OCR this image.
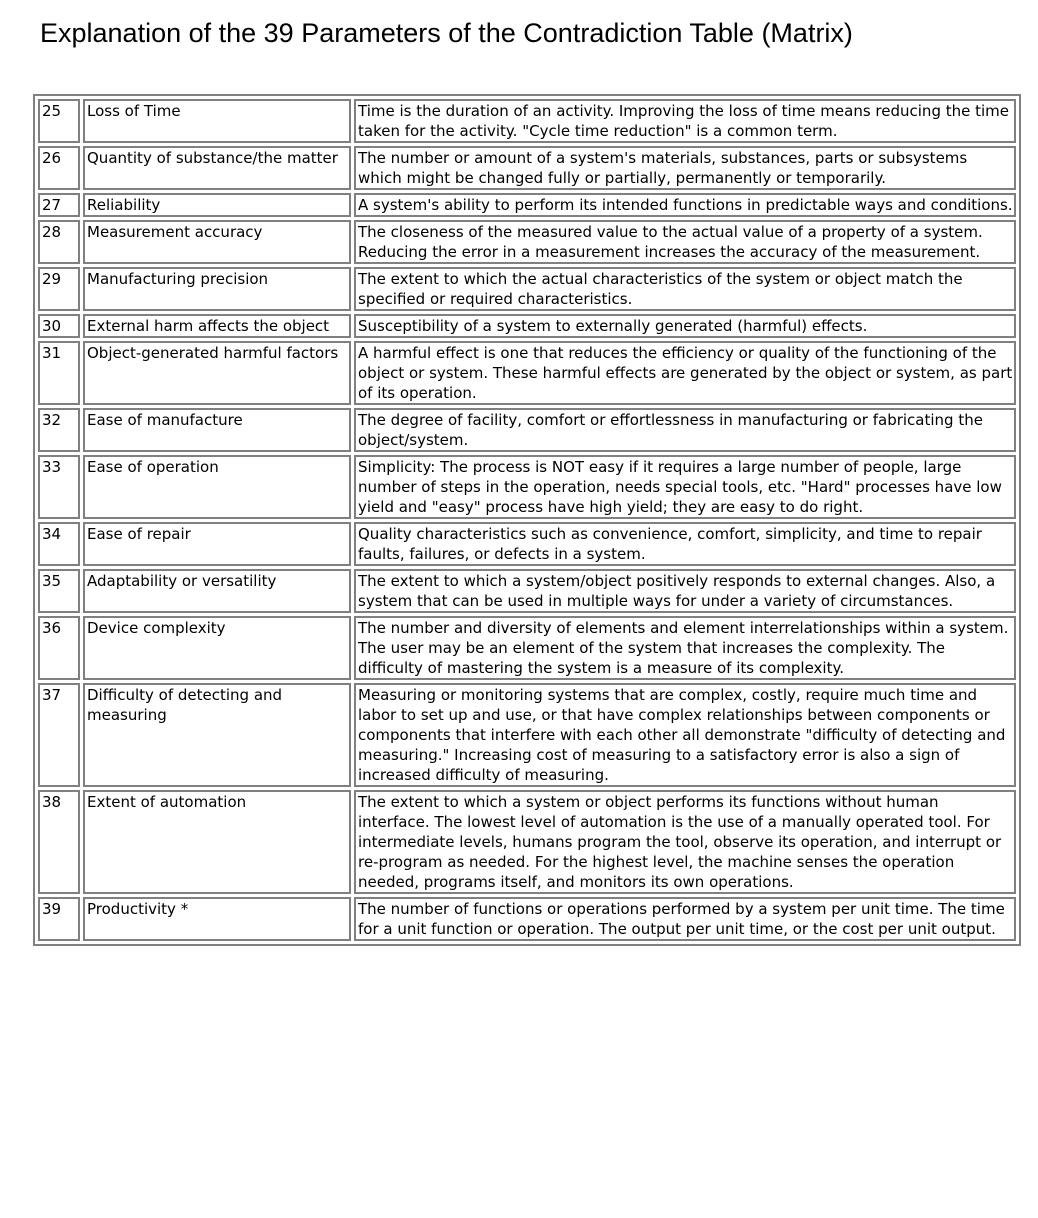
Explanation of the 39 Parameters of the Contradiction Table (Matrix)
25	Loss of Time	Time is the duration of an activity. Improving the loss of time means reducing the time taken for the activity. "Cycle time reduction" is a common term.
26	Quantity of substance/the matter	The number or amount of a system's materials, substances, parts or subsystems which might be changed fully or partially, permanently or temporarily.
27	Reliability	A system's ability to perform its intended functions in predictable ways and conditions.
28	Measurement accuracy	The closeness of the measured value to the actual value of a property of a system. Reducing the error in a measurement increases the accuracy of the measurement.
29	Manufacturing precision	The extent to which the actual characteristics of the system or object match the specified or required characteristics.
30	External harm affects the object	Susceptibility of a system to externally generated (harmful) effects.
31	Object-generated harmful factors	A harmful effect is one that reduces the efficiency or quality of the functioning of the object or system. These harmful effects are generated by the object or system, as part of its operation.
32	Ease of manufacture	The degree of facility, comfort or effortlessness in manufacturing or fabricating the object/system.
33	Ease of operation	Simplicity: The process is NOT easy if it requires a large number of people, large number of steps in the operation, needs special tools, etc. "Hard" processes have low yield and "easy" process have high yield; they are easy to do right.
34	Ease of repair	Quality characteristics such as convenience, comfort, simplicity, and time to repair faults, failures, or defects in a system.
35	Adaptability or versatility	The extent to which a system/object positively responds to external changes. Also, a system that can be used in multiple ways for under a variety of circumstances.
36	Device complexity	The number and diversity of elements and element interrelationships within a system. The user may be an element of the system that increases the complexity. The difficulty of mastering the system is a measure of its complexity.
37	Difficulty of detecting and measuring	Measuring or monitoring systems that are complex, costly, require much time and labor to set up and use, or that have complex relationships between components or components that interfere with each other all demonstrate "difficulty of detecting and measuring." Increasing cost of measuring to a satisfactory error is also a sign of increased difficulty of measuring.
38	Extent of automation	The extent to which a system or object performs its functions without human interface. The lowest level of automation is the use of a manually operated tool. For intermediate levels, humans program the tool, observe its operation, and interrupt or re-program as needed. For the highest level, the machine senses the operation needed, programs itself, and monitors its own operations.
39	Productivity *	The number of functions or operations performed by a system per unit time. The time for a unit function or operation. The output per unit time, or the cost per unit output.
